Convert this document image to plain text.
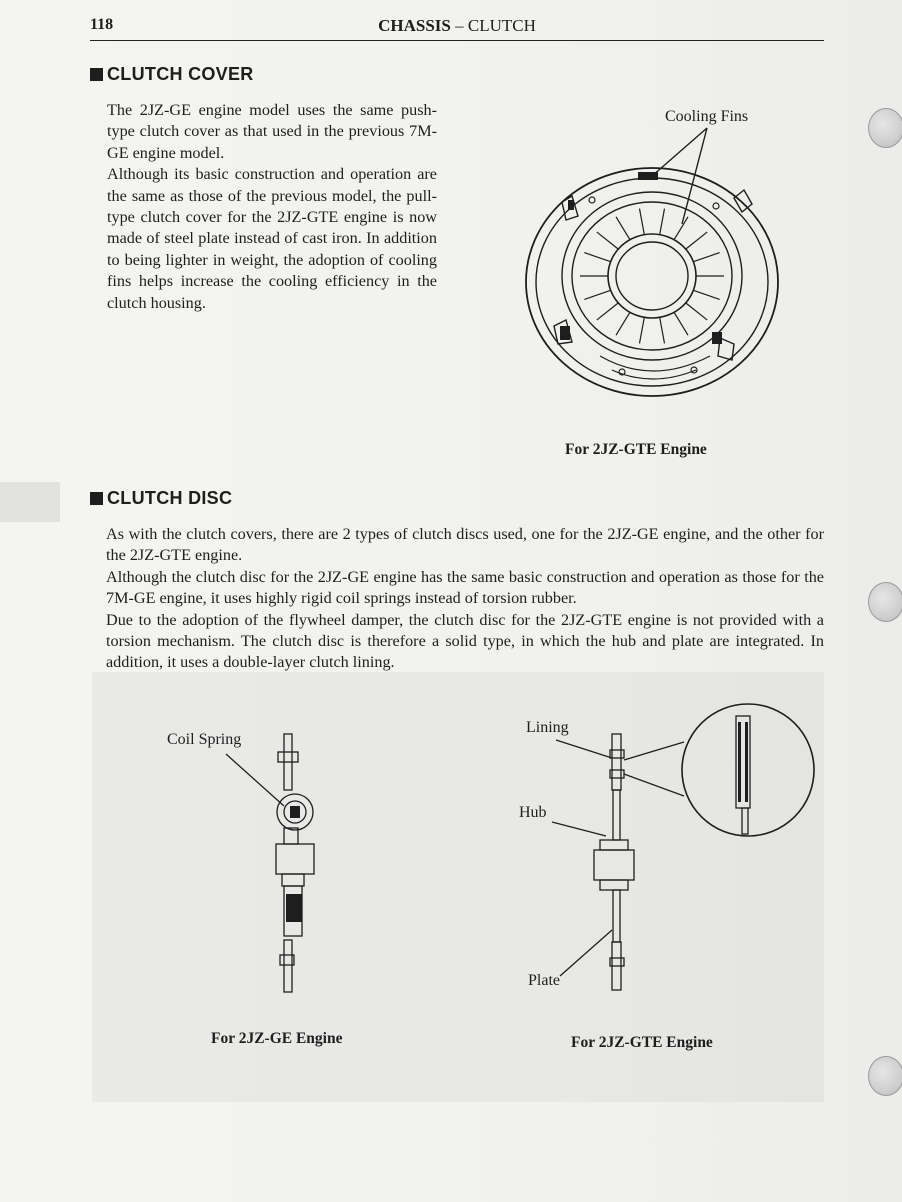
118	CHASSIS – CLUTCH
CLUTCH COVER

The 2JZ-GE engine model uses the same push-type clutch cover as that used in the previous 7M-GE engine model.

Although its basic construction and operation are the same as those of the previous model, the pull-type clutch cover for the 2JZ-GTE engine is now made of steel plate instead of cast iron. In addition to being lighter in weight, the adoption of cooling fins helps increase the cooling efficiency in the clutch housing.

Cooling Fins
For 2JZ-GTE Engine
CLUTCH DISC

As with the clutch covers, there are 2 types of clutch discs used, one for the 2JZ-GE engine, and the other for the 2JZ-GTE engine.

Although the clutch disc for the 2JZ-GE engine has the same basic construction and operation as those for the 7M-GE engine, it uses highly rigid coil springs instead of torsion rubber.

Due to the adoption of the flywheel damper, the clutch disc for the 2JZ-GTE engine is not provided with a torsion mechanism. The clutch disc is therefore a solid type, in which the hub and plate are integrated. In addition, it uses a double-layer clutch lining.

Coil Spring
Lining
Hub
Plate
For 2JZ-GE Engine	For 2JZ-GTE Engine
